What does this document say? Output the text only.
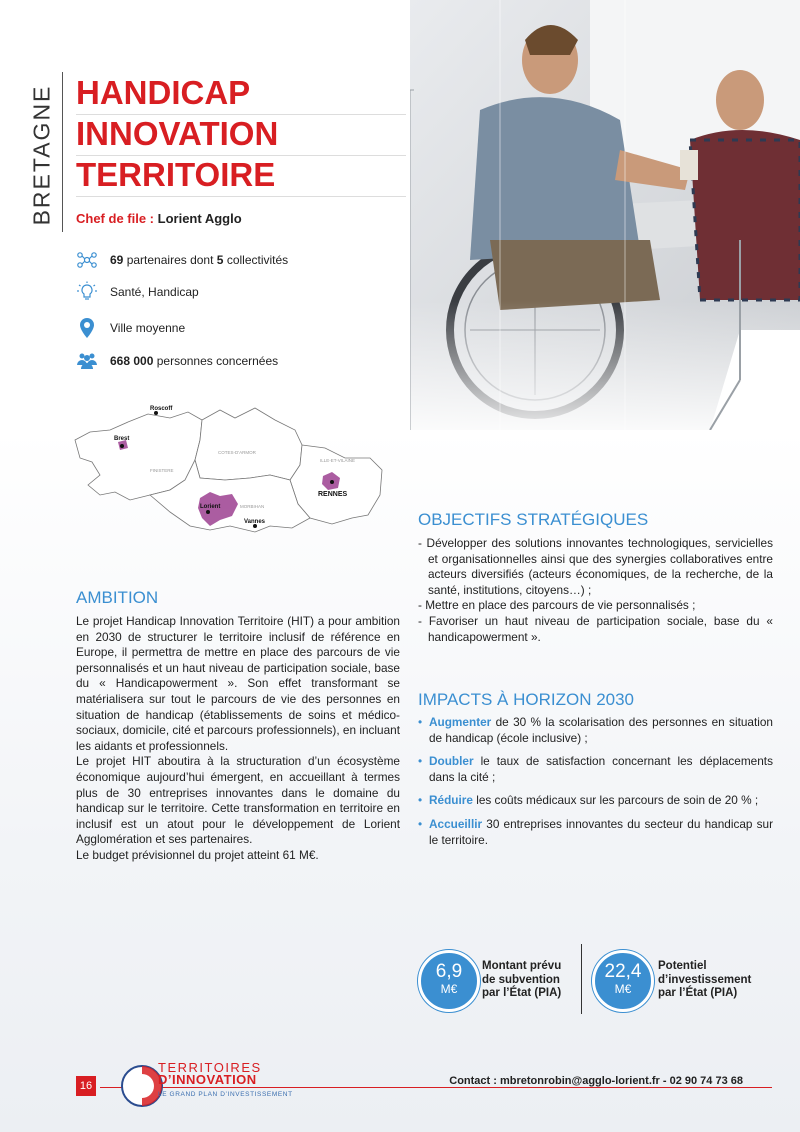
BRETAGNE HANDICAP
INNOVATION
TERRITOIRE
Chef de file : Lorient Agglo
69 partenaires dont 5 collectivités
Santé, Handicap
Ville moyenne
668 000 personnes concernées
Roscoff
Brest
Lorient
Vannes
RENNES
FINISTERE
COTES-D'ARMOR
MORBIHAN
ILLE-ET-VILAINE
AMBITION

Le projet Handicap Innovation Territoire (HIT) a pour ambition en 2030 de structurer le territoire inclusif de référence en Europe, il permettra de mettre en place des parcours de vie personnalisés et un haut niveau de participation sociale, base du « Handicapowerment ». Son effet transformant se matérialisera sur tout le parcours de vie des personnes en situation de handicap (établissements de soins et médico-sociaux, domicile, cité et parcours professionnels), en incluant les aidants et professionnels.

Le projet HIT aboutira à la structuration d’un écosystème économique aujourd’hui émergent, en accueillant à termes plus de 30 entreprises innovantes dans le domaine du handicap sur le territoire. Cette transformation en territoire en inclusif est un atout pour le développement de Lorient Agglomération et ses partenaires.

Le budget prévisionnel du projet atteint 61 M€.

OBJECTIFS STRATÉGIQUES
- Développer des solutions innovantes technologiques, servicielles et organisationnelles ainsi que des synergies collaboratives entre acteurs diversifiés (acteurs économiques, de la recherche, de la santé, institutions, citoyens…) ;
- Mettre en place des parcours de vie personnalisés ;
- Favoriser un haut niveau de participation sociale, base du « handicapowerment ».
IMPACTS À HORIZON 2030
• Augmenter de 30 % la scolarisation des personnes en situation de handicap (école inclusive) ;
• Doubler le taux de satisfaction concernant les déplacements dans la cité ;
• Réduire les coûts médicaux sur les parcours de soin de 20 % ;
• Accueillir 30 entreprises innovantes du secteur du handicap sur le territoire.
6,9
M€
Montant prévu
de subvention
par l’État (PIA)
22,4
M€
Potentiel
d’investissement
par l’État (PIA)
16
TERRITOIRES
D’INNOVATION
LE GRAND PLAN D’INVESTISSEMENT
Contact : mbretonrobin@agglo-lorient.fr - 02 90 74 73 68
